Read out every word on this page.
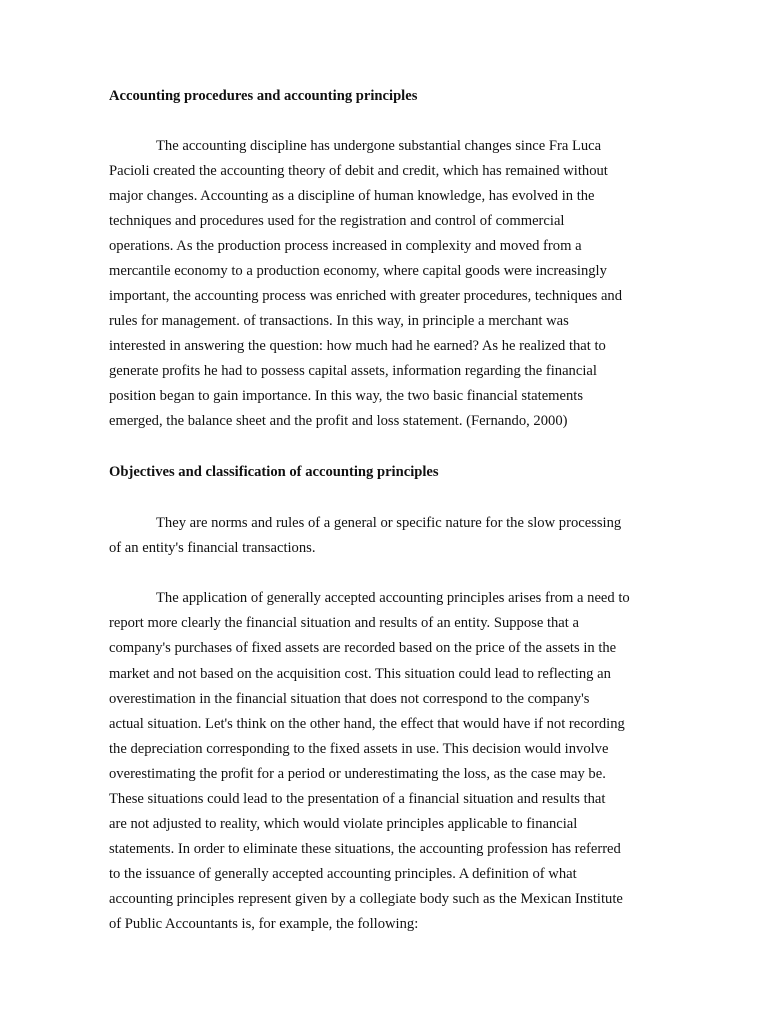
Accounting procedures and accounting principles
The accounting discipline has undergone substantial changes since Fra Luca
Pacioli created the accounting theory of debit and credit, which has remained without
major changes. Accounting as a discipline of human knowledge, has evolved in the
techniques and procedures used for the registration and control of commercial
operations. As the production process increased in complexity and moved from a
mercantile economy to a production economy, where capital goods were increasingly
important, the accounting process was enriched with greater procedures, techniques and
rules for management. of transactions. In this way, in principle a merchant was
interested in answering the question: how much had he earned? As he realized that to
generate profits he had to possess capital assets, information regarding the financial
position began to gain importance. In this way, the two basic financial statements
emerged, the balance sheet and the profit and loss statement. (Fernando, 2000)
Objectives and classification of accounting principles
They are norms and rules of a general or specific nature for the slow processing
of an entity's financial transactions.
The application of generally accepted accounting principles arises from a need to
report more clearly the financial situation and results of an entity. Suppose that a
company's purchases of fixed assets are recorded based on the price of the assets in the
market and not based on the acquisition cost. This situation could lead to reflecting an
overestimation in the financial situation that does not correspond to the company's
actual situation. Let's think on the other hand, the effect that would have if not recording
the depreciation corresponding to the fixed assets in use. This decision would involve
overestimating the profit for a period or underestimating the loss, as the case may be.
These situations could lead to the presentation of a financial situation and results that
are not adjusted to reality, which would violate principles applicable to financial
statements. In order to eliminate these situations, the accounting profession has referred
to the issuance of generally accepted accounting principles. A definition of what
accounting principles represent given by a collegiate body such as the Mexican Institute
of Public Accountants is, for example, the following:
